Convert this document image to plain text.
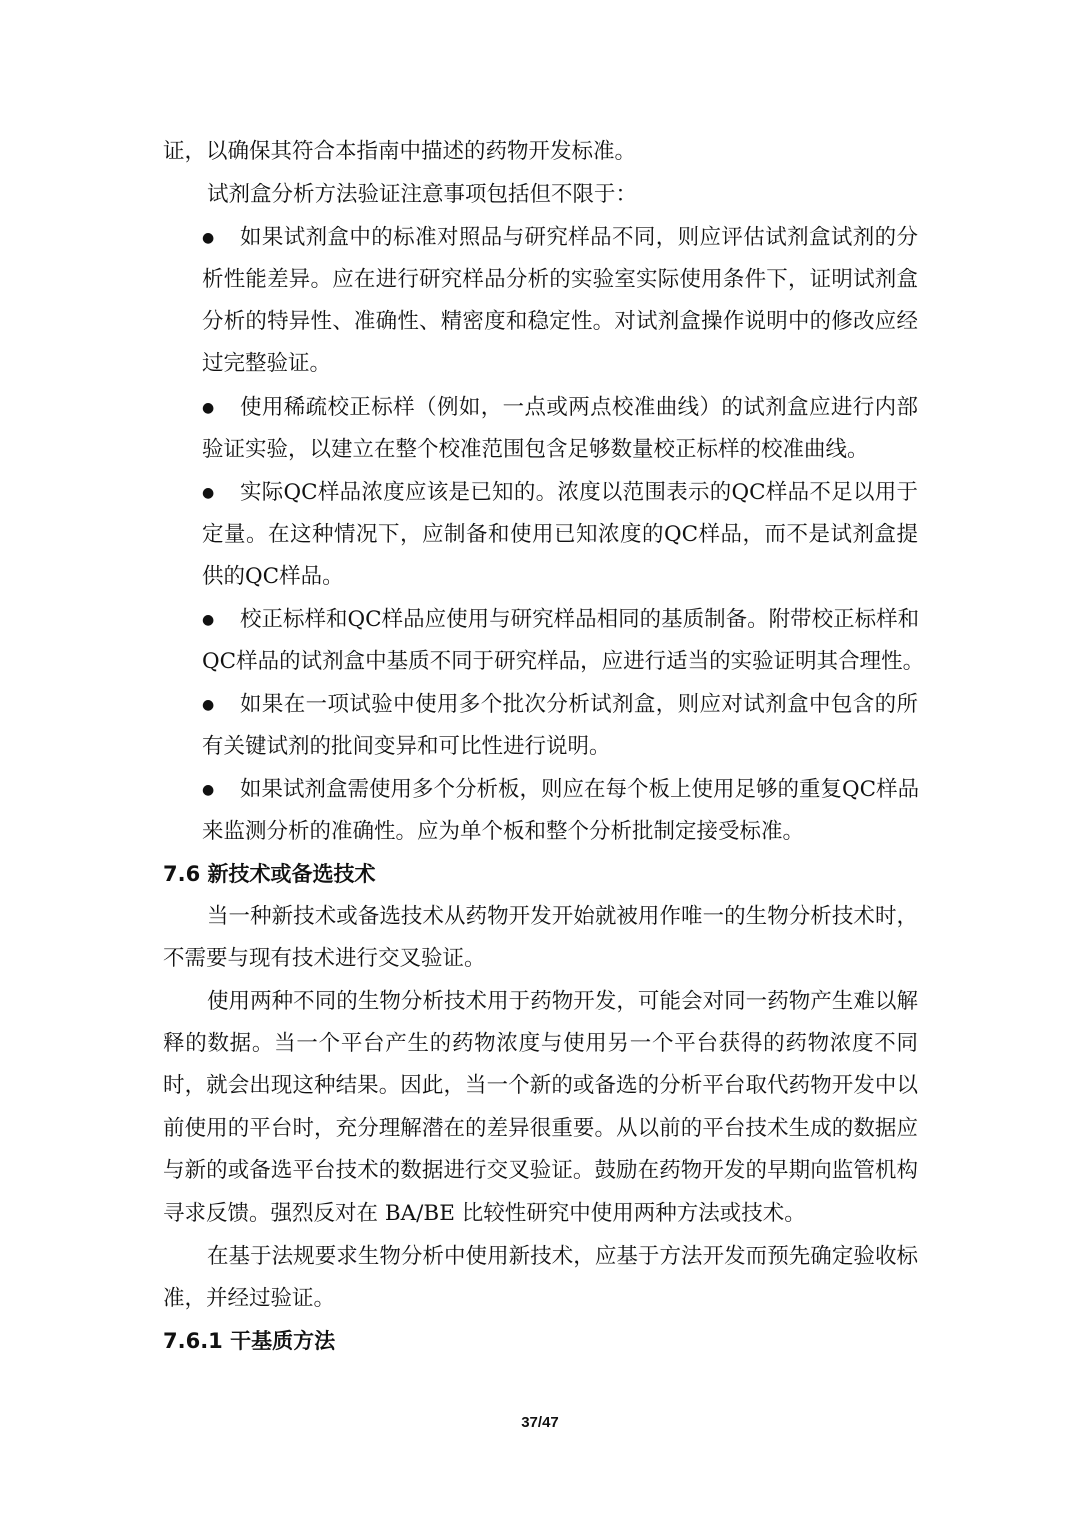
证，以确保其符合本指南中描述的药物开发标准。
试剂盒分析方法验证注意事项包括但不限于：
● 如果试剂盒中的标准对照品与研究样品不同，则应评估试剂盒试剂的分
析性能差异。应在进行研究样品分析的实验室实际使用条件下，证明试剂盒
分析的特异性、准确性、精密度和稳定性。对试剂盒操作说明中的修改应经
过完整验证。
● 使用稀疏校正标样（例如，一点或两点校准曲线）的试剂盒应进行内部
验证实验，以建立在整个校准范围包含足够数量校正标样的校准曲线。
● 实际QC样品浓度应该是已知的。浓度以范围表示的QC样品不足以用于
定量。在这种情况下，应制备和使用已知浓度的QC样品，而不是试剂盒提
供的QC样品。
● 校正标样和QC样品应使用与研究样品相同的基质制备。附带校正标样和
QC样品的试剂盒中基质不同于研究样品，应进行适当的实验证明其合理性。
● 如果在一项试验中使用多个批次分析试剂盒，则应对试剂盒中包含的所
有关键试剂的批间变异和可比性进行说明。
● 如果试剂盒需使用多个分析板，则应在每个板上使用足够的重复QC样品
来监测分析的准确性。应为单个板和整个分析批制定接受标准。
7.6 新技术或备选技术
当一种新技术或备选技术从药物开发开始就被用作唯一的生物分析技术时，
不需要与现有技术进行交叉验证。
使用两种不同的生物分析技术用于药物开发，可能会对同一药物产生难以解
释的数据。当一个平台产生的药物浓度与使用另一个平台获得的药物浓度不同
时，就会出现这种结果。因此，当一个新的或备选的分析平台取代药物开发中以
前使用的平台时，充分理解潜在的差异很重要。从以前的平台技术生成的数据应
与新的或备选平台技术的数据进行交叉验证。鼓励在药物开发的早期向监管机构
寻求反馈。强烈反对在 BA/BE 比较性研究中使用两种方法或技术。
在基于法规要求生物分析中使用新技术，应基于方法开发而预先确定验收标
准，并经过验证。
7.6.1 干基质方法
37/47
